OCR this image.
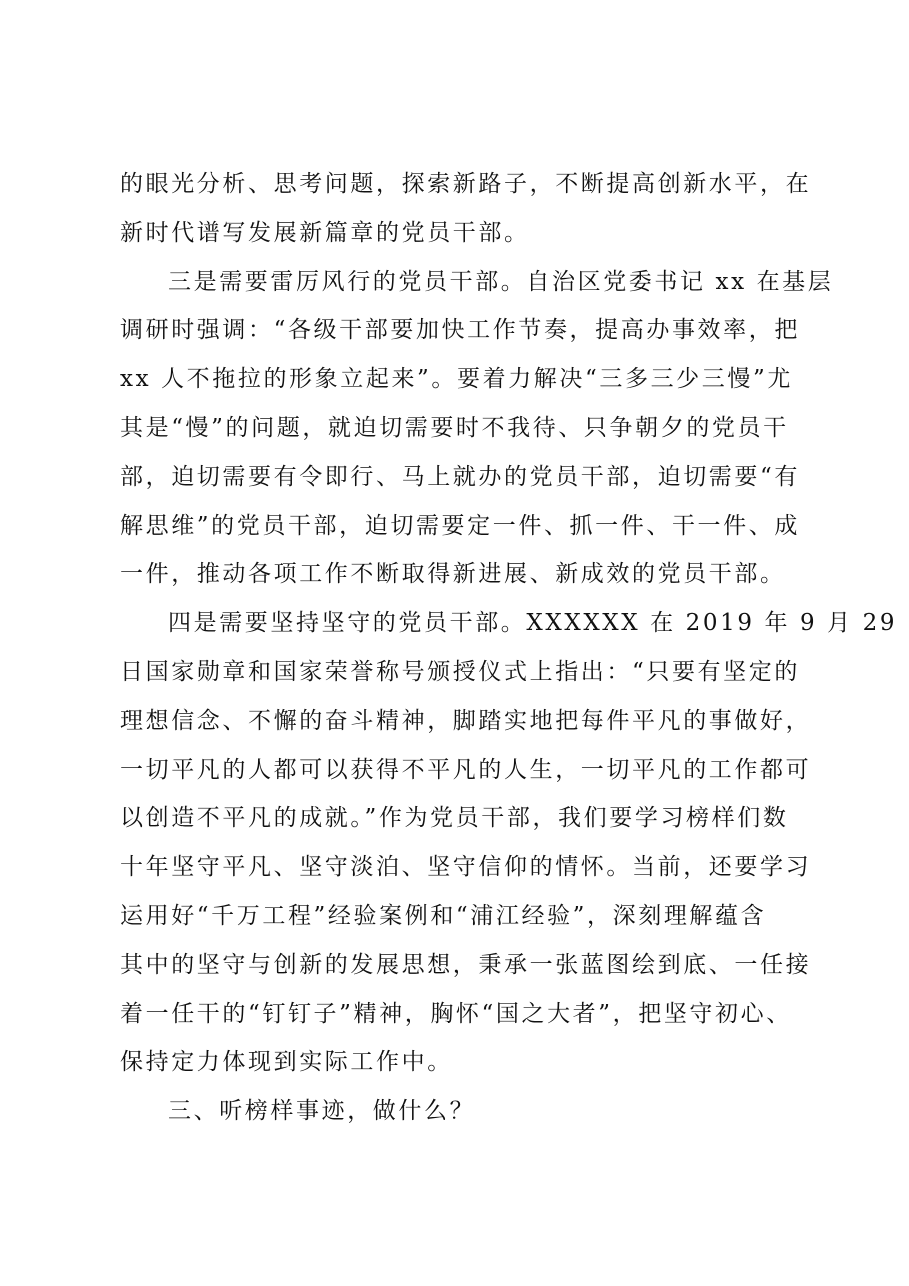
的眼光分析、思考问题，探索新路子，不断提高创新水平，在
新时代谱写发展新篇章的党员干部。
三是需要雷厉风行的党员干部。自治区党委书记 xx 在基层
调研时强调：“各级干部要加快工作节奏，提高办事效率，把
xx 人不拖拉的形象立起来”。要着力解决“三多三少三慢”尤
其是“慢”的问题，就迫切需要时不我待、只争朝夕的党员干
部，迫切需要有令即行、马上就办的党员干部，迫切需要“有
解思维”的党员干部，迫切需要定一件、抓一件、干一件、成
一件，推动各项工作不断取得新进展、新成效的党员干部。
四是需要坚持坚守的党员干部。XXXXXX 在 2019 年 9 月 29
日国家勋章和国家荣誉称号颁授仪式上指出：“只要有坚定的
理想信念、不懈的奋斗精神，脚踏实地把每件平凡的事做好，
一切平凡的人都可以获得不平凡的人生，一切平凡的工作都可
以创造不平凡的成就。”作为党员干部，我们要学习榜样们数
十年坚守平凡、坚守淡泊、坚守信仰的情怀。当前，还要学习
运用好“千万工程”经验案例和“浦江经验”，深刻理解蕴含
其中的坚守与创新的发展思想，秉承一张蓝图绘到底、一任接
着一任干的“钉钉子”精神，胸怀“国之大者”，把坚守初心、
保持定力体现到实际工作中。
三、听榜样事迹，做什么？
